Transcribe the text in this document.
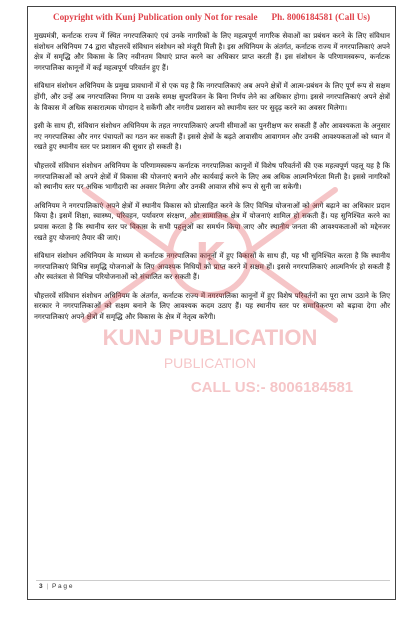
Copyright with Kunj Publication only Not for resale Ph. 8006184581 (Call Us)

मुख्यमंत्री, कर्नाटक राज्य में स्थित नगरपालिकाएं एवं उनके नागरिकों के लिए महत्वपूर्ण नागरिक सेवाओं का प्रबंधन करने के लिए संविधान संशोधन अधिनियम 74 द्वारा चौहत्तरवें संविधान संशोधन को मंजूरी मिली है। इस अधिनियम के अंतर्गत, कर्नाटक राज्य में नगरपालिकाएं अपने क्षेत्र में समृद्धि और विकास के लिए नवीनतम विधाएं प्राप्त करने का अधिकार प्राप्त करती हैं। इस संशोधन के परिणामस्वरूप, कर्नाटक नगरपालिका कानूनों में कई महत्वपूर्ण परिवर्तन हुए हैं।

संविधान संशोधन अधिनियम के प्रमुख प्रावधानों में से एक यह है कि नगरपालिकाएं अब अपने क्षेत्रों में आत्म-प्रबंधन के लिए पूर्ण रूप से सक्षम होंगी, और उन्हें अब नगरपालिका निगम या उसके समक्ष सुपरविजन के बिना निर्णय लेने का अधिकार होगा। इससे नगरपालिकाएं अपने क्षेत्रों के विकास में अधिक सकारात्मक योगदान दे सकेंगी और नगरीय प्रशासन को स्थानीय स्तर पर सुदृढ़ करने का अवसर मिलेगा।

इसी के साथ ही, संविधान संशोधन अधिनियम के तहत नगरपालिकाएं अपनी सीमाओं का पुनरीक्षण कर सकती हैं और आवश्यकता के अनुसार नए नगरपालिका और नगर पंचायतों का गठन कर सकती हैं। इससे क्षेत्रों के बढ़ते आवासीय आवागमन और उनकी आवश्यकताओं को ध्यान में रखते हुए स्थानीय स्तर पर प्रशासन की सुधार हो सकती है।

चौहत्तरवें संविधान संशोधन अधिनियम के परिणामस्वरूप कर्नाटक नगरपालिका कानूनों में विशेष परिवर्तनों की एक महत्वपूर्ण पहलू यह है कि नगरपालिकाओं को अपने क्षेत्रों में विकास की योजनाएं बनाने और कार्यवाई करने के लिए अब अधिक आत्मनिर्भरता मिली है। इससे नागरिकों को स्थानीय स्तर पर अधिक भागीदारी का अवसर मिलेगा और उनकी आवाज सीधे रूप से सुनी जा सकेगी।

अधिनियम ने नगरपालिकाएं अपने क्षेत्रों में स्थानीय विकास को प्रोत्साहित करने के लिए विभिन्न योजनाओं को आगे बढ़ाने का अधिकार प्रदान किया है। इसमें शिक्षा, स्वास्थ्य, परिवहन, पर्यावरण संरक्षण, और सामाजिक क्षेत्र में योजनाएं शामिल हो सकती हैं। यह सुनिश्चित करने का प्रयास करता है कि स्थानीय स्तर पर विकास के सभी पहलुओं का समर्थन किया जाए और स्थानीय जनता की आवश्यकताओं को मद्देनजर रखते हुए योजनाएं तैयार की जाएं।

संविधान संशोधन अधिनियम के माध्यम से कर्नाटक नगरपालिका कानूनों में हुए विकासों के साथ ही, यह भी सुनिश्चित करता है कि स्थानीय नगरपालिकाएं विभिन्न समृद्धि योजनाओं के लिए आवश्यक निधियों को प्राप्त करने में सक्षम हों। इससे नगरपालिकाएं आत्मनिर्भर हो सकती हैं और स्वतंत्रता से विभिन्न परियोजनाओं को संचालित कर सकती हैं।

चौहत्तरवें संविधान संशोधन अधिनियम के अंतर्गत, कर्नाटक राज्य में नगरपालिका कानूनों में हुए विशेष परिवर्तनों का पूरा लाभ उठाने के लिए सरकार ने नगरपालिकाओं को सक्षम बनाने के लिए आवश्यक कदम उठाए हैं। यह स्थानीय स्तर पर समाविकरण को बढ़ावा देगा और नगरपालिकाएं अपने क्षेत्रों में समृद्धि और विकास के क्षेत्र में नेतृत्व करेंगी।

K
KUNJ PUBLICATION
PUBLICATION
CALL US:- 8006184581
3 | P a g e
